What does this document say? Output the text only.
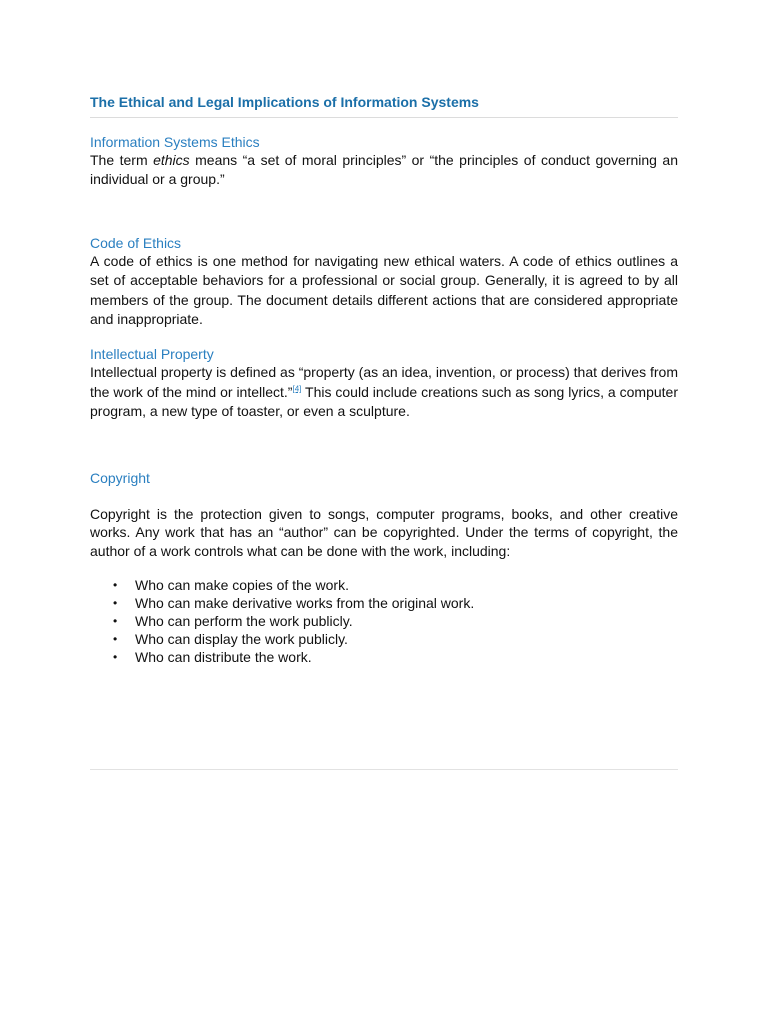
The Ethical and Legal Implications of Information Systems
Information Systems Ethics

The term ethics means “a set of moral principles” or “the principles of conduct governing an individual or a group.”

Code of Ethics

A code of ethics is one method for navigating new ethical waters. A code of ethics outlines a set of acceptable behaviors for a professional or social group. Generally, it is agreed to by all members of the group. The document details different actions that are considered appropriate and inappropriate.

Intellectual Property

Intellectual property is defined as “property (as an idea, invention, or process) that derives from the work of the mind or intellect.”[4] This could include creations such as song lyrics, a computer program, a new type of toaster, or even a sculpture.

Copyright

Copyright is the protection given to songs, computer programs, books, and other creative works. Any work that has an “author” can be copyrighted. Under the terms of copyright, the author of a work controls what can be done with the work, including:

• Who can make copies of the work.
• Who can make derivative works from the original work.
• Who can perform the work publicly.
• Who can display the work publicly.
• Who can distribute the work.
